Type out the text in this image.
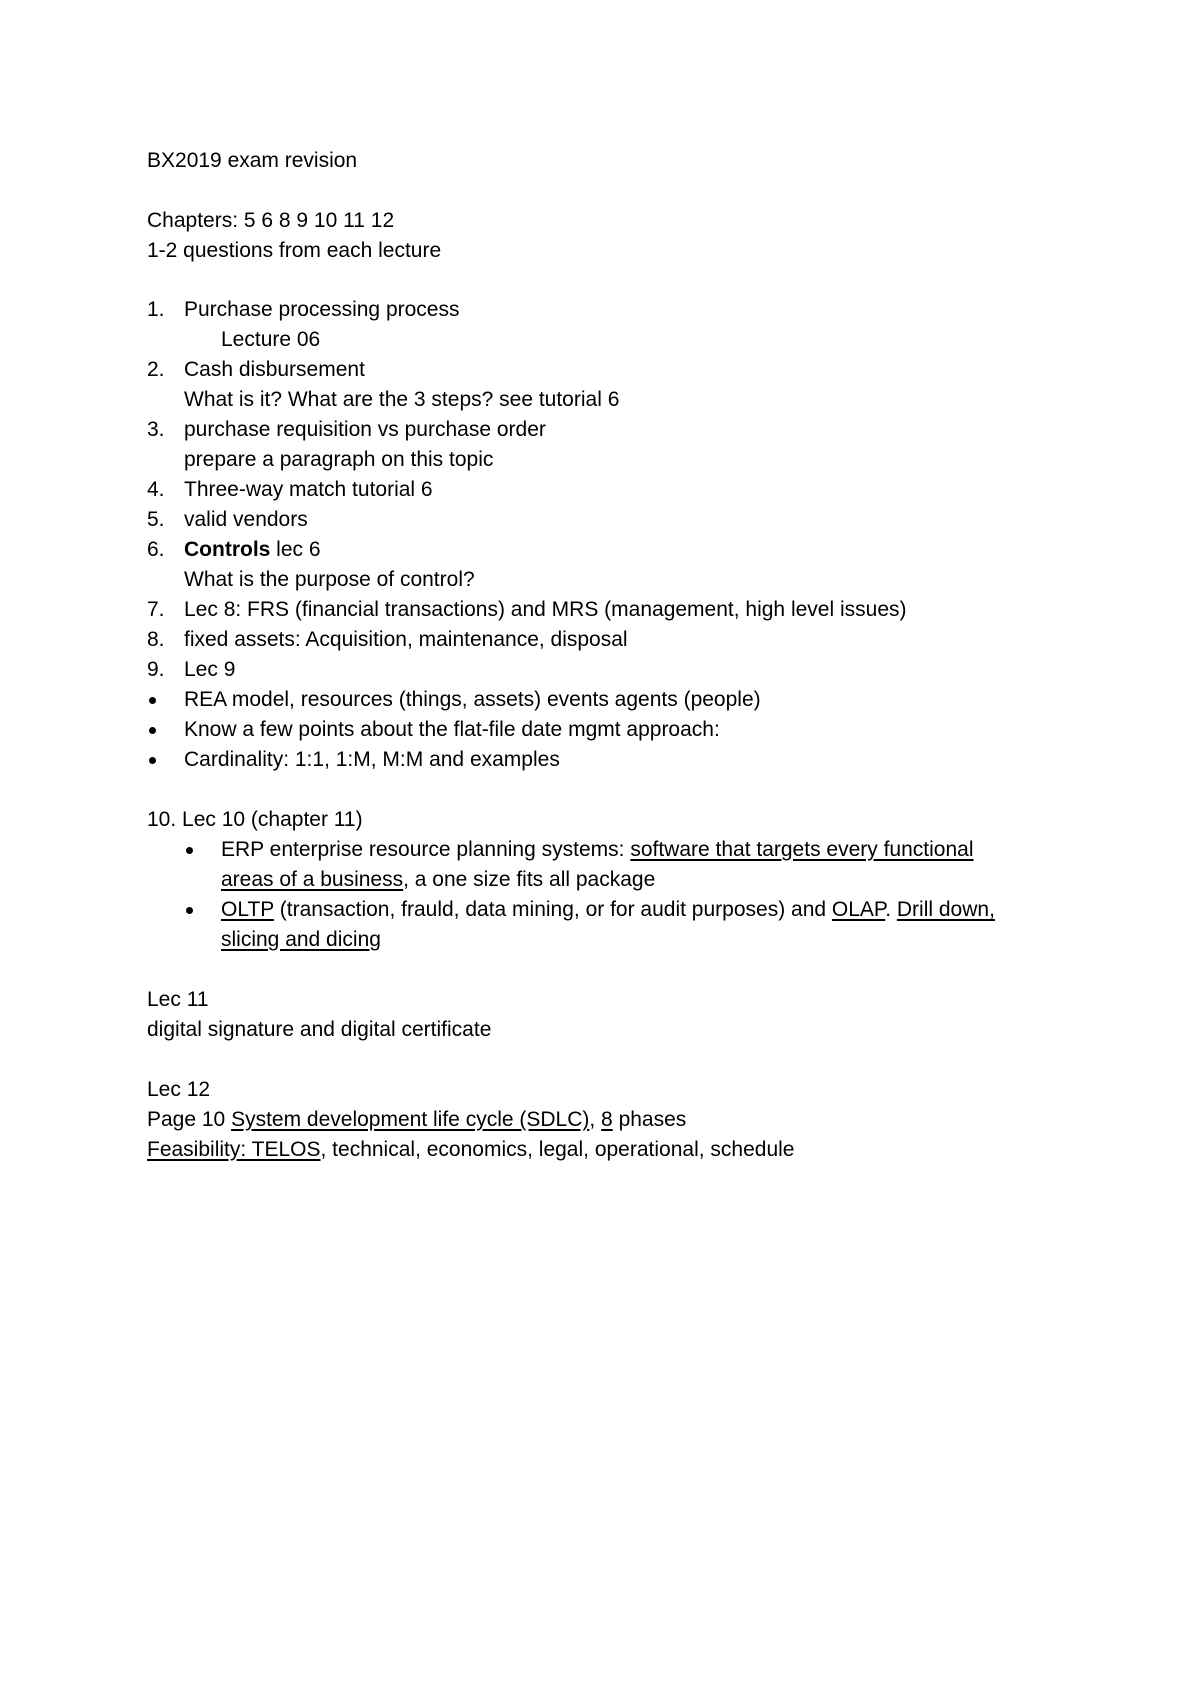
BX2019 exam revision
Chapters: 5 6 8 9 10 11 12
1-2 questions from each lecture
1. Purchase processing process
Lecture 06
2. Cash disbursement
What is it? What are the 3 steps? see tutorial 6
3. purchase requisition vs purchase order
prepare a paragraph on this topic
4. Three-way match tutorial 6
5. valid vendors
6. Controls lec 6
What is the purpose of control?
7. Lec 8: FRS (financial transactions) and MRS (management, high level issues)
8. fixed assets: Acquisition, maintenance, disposal
9. Lec 9
REA model, resources (things, assets) events agents (people)
Know a few points about the flat-file date mgmt approach:
Cardinality: 1:1, 1:M, M:M and examples
10. Lec 10 (chapter 11)
ERP enterprise resource planning systems: software that targets every functional
areas of a business, a one size fits all package
OLTP (transaction, frauld, data mining, or for audit purposes) and OLAP. Drill down,
slicing and dicing
Lec 11
digital signature and digital certificate
Lec 12
Page 10 System development life cycle (SDLC), 8 phases
Feasibility: TELOS, technical, economics, legal, operational, schedule
